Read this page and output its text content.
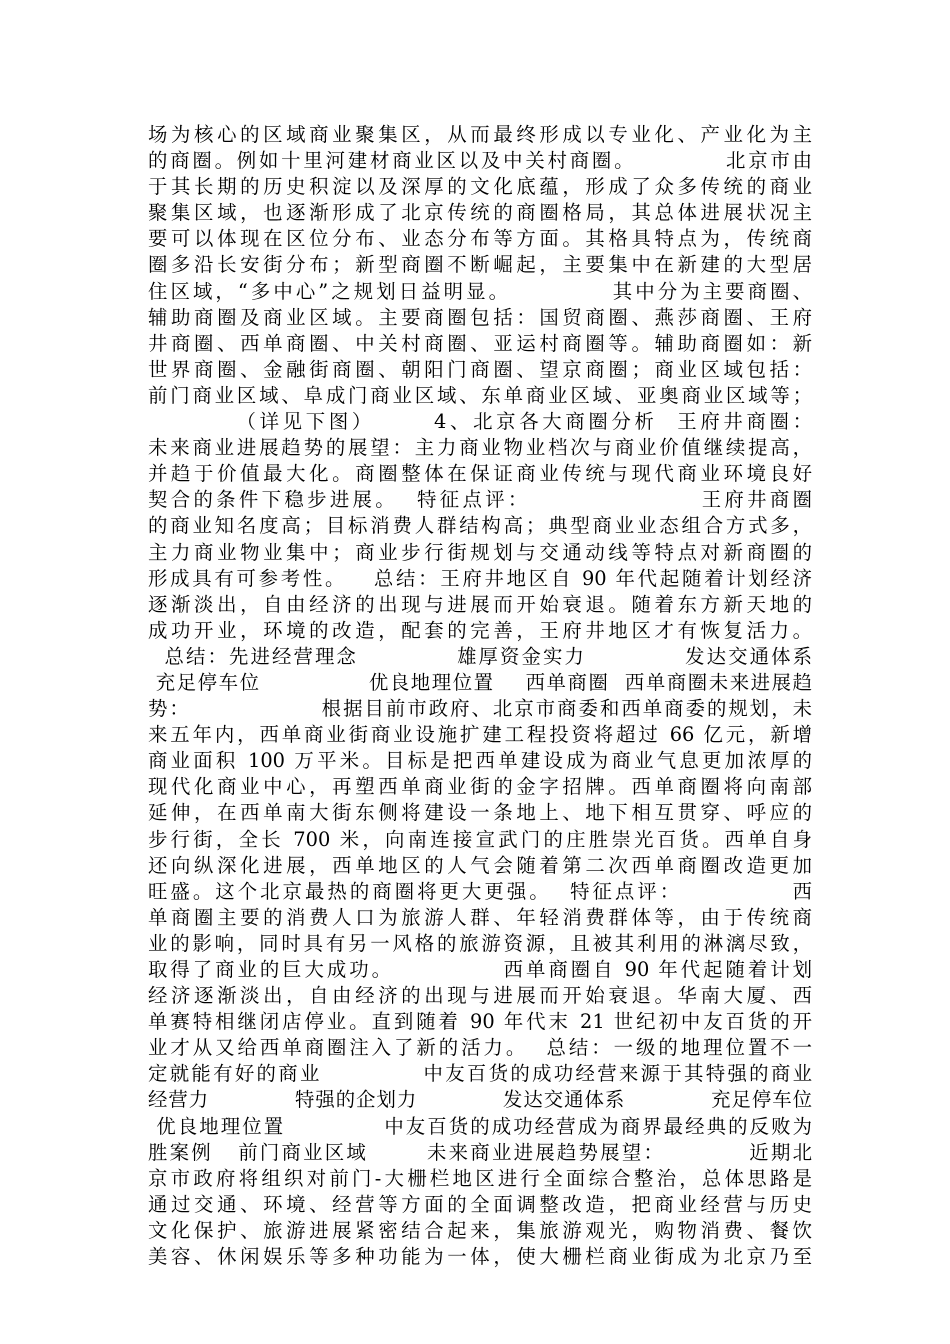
场为核心的区域商业聚集区，从而最终形成以专业化、产业化为主
的商圈。例如十里河建材商业区以及中关村商圈。          北京市由
于其长期的历史积淀以及深厚的文化底蕴，形成了众多传统的商业
聚集区域，也逐渐形成了北京传统的商圈格局，其总体进展状况主
要可以体现在区位分布、业态分布等方面。其格具特点为，传统商
圈多沿长安街分布；新型商圈不断崛起，主要集中在新建的大型居
住区域，“多中心”之规划日益明显。           其中分为主要商圈、
辅助商圈及商业区域。主要商圈包括：国贸商圈、燕莎商圈、王府
井商圈、西单商圈、中关村商圈、亚运村商圈等。辅助商圈如：新
世界商圈、金融街商圈、朝阳门商圈、望京商圈；商业区域包括：
前门商业区域、阜成门商业区域、东单商业区域、亚奥商业区域等；
（详见下图）      4、北京各大商圈分析  王府井商圈：
未来商业进展趋势的展望：主力商业物业档次与商业价值继续提高，
并趋于价值最大化。商圈整体在保证商业传统与现代商业环境良好
契合的条件下稳步进展。  特征点评：                  王府井商圈
的商业知名度高；目标消费人群结构高；典型商业业态组合方式多，
主力商业物业集中；商业步行街规划与交通动线等特点对新商圈的
形成具有可参考性。   总结：王府井地区自 90 年代起随着计划经济
逐渐淡出，自由经济的出现与进展而开始衰退。随着东方新天地的
成功开业，环境的改造，配套的完善，王府井地区才有恢复活力。
总结：先进经营理念            雄厚资金实力            发达交通体系
充足停车位              优良地理位置    西单商圈  西单商圈未来进展趋
势：                根据目前市政府、北京市商委和西单商委的规划，未
来五年内，西单商业街商业设施扩建工程投资将超过 66 亿元，新增
商业面积 100 万平米。目标是把西单建设成为商业气息更加浓厚的
现代化商业中心，再塑西单商业街的金字招牌。西单商圈将向南部
延伸，在西单南大街东侧将建设一条地上、地下相互贯穿、呼应的
步行街，全长 700 米，向南连接宣武门的庄胜崇光百货。西单自身
还向纵深化进展，西单地区的人气会随着第二次西单商圈改造更加
旺盛。这个北京最热的商圈将更大更强。  特征点评：            西
单商圈主要的消费人口为旅游人群、年轻消费群体等，由于传统商
业的影响，同时具有另一风格的旅游资源，且被其利用的淋漓尽致，
取得了商业的巨大成功。            西单商圈自 90 年代起随着计划
经济逐渐淡出，自由经济的出现与进展而开始衰退。华南大厦、西
单赛特相继闭店停业。直到随着 90 年代末 21 世纪初中友百货的开
业才从又给西单商圈注入了新的活力。  总结：一级的地理位置不一
定就能有好的商业            中友百货的成功经营来源于其特强的商业
经营力            特强的企划力            发达交通体系            充足停车位
优良地理位置            中友百货的成功经营成为商界最经典的反败为
胜案例   前门商业区域       未来商业进展趋势展望：          近期北
京市政府将组织对前门-大栅栏地区进行全面综合整治，总体思路是
通过交通、环境、经营等方面的全面调整改造，把商业经营与历史
文化保护、旅游进展紧密结合起来，集旅游观光，购物消费、餐饮
美容、休闲娱乐等多种功能为一体，使大栅栏商业街成为北京乃至
